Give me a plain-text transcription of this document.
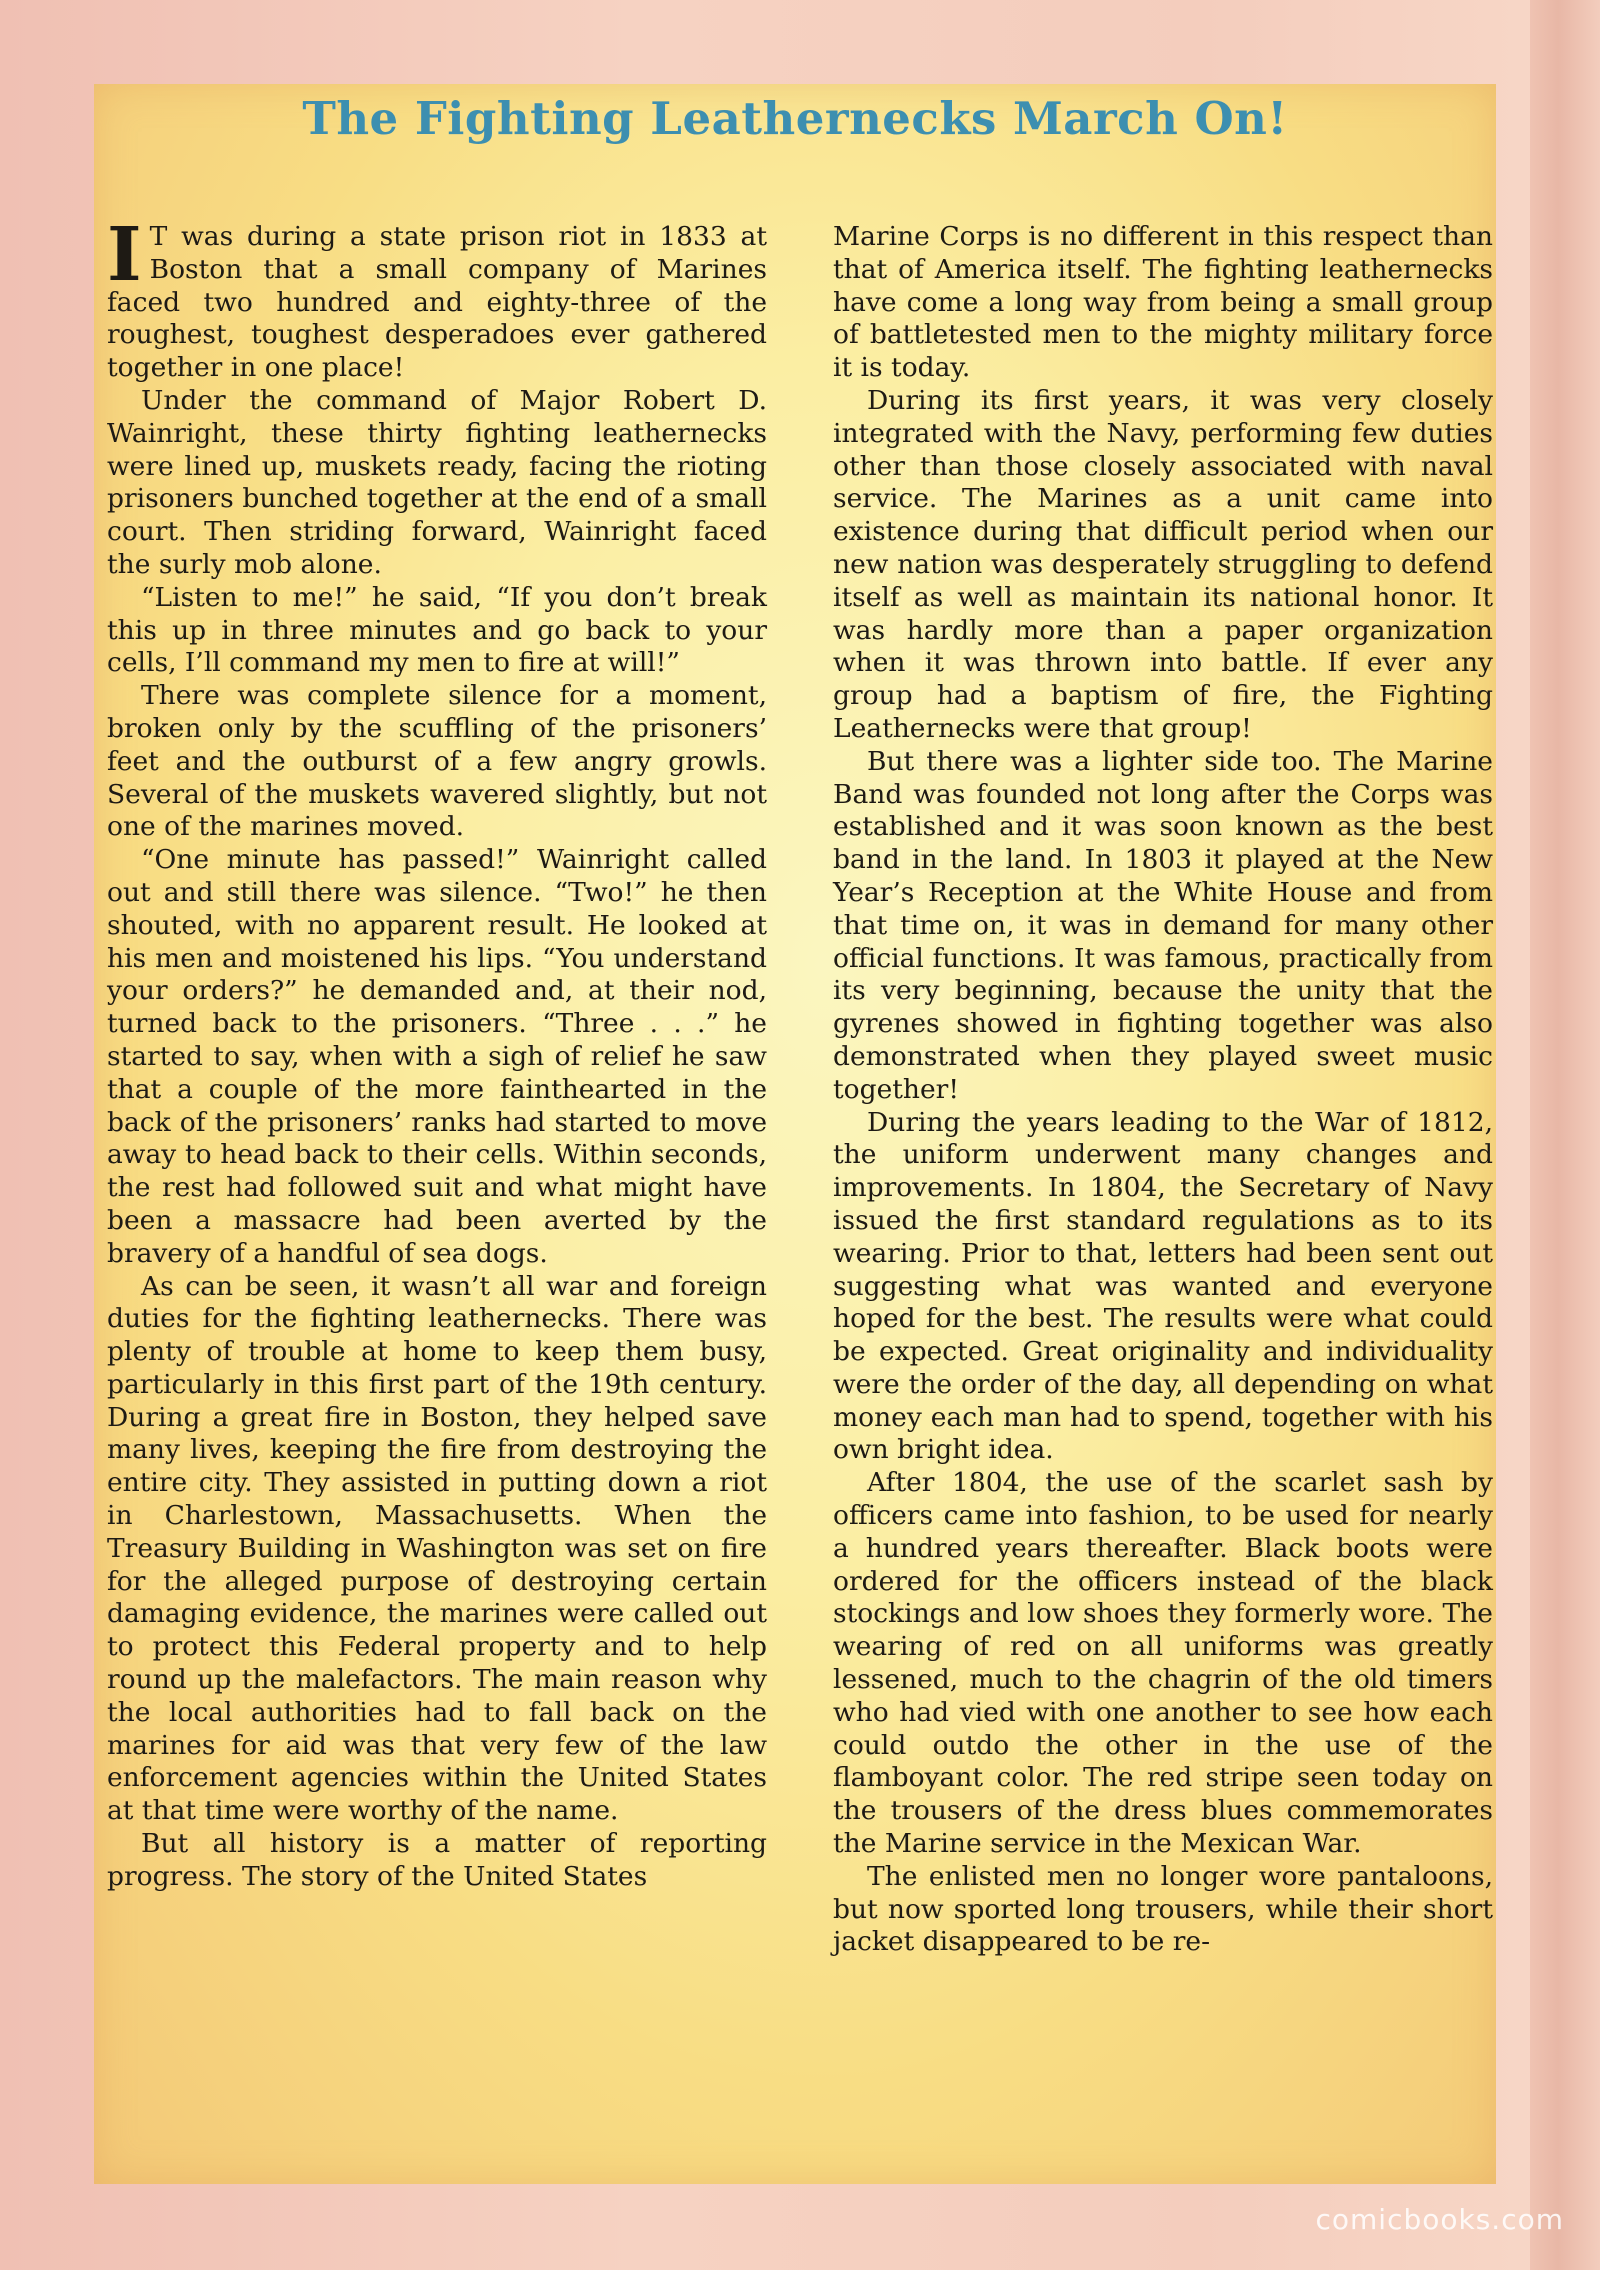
The Fighting Leathernecks March On!

I T was during a state prison riot in 1833 at Boston that a small company of Marines faced two hundred and eighty-three of the roughest, toughest desperadoes ever gathered together in one place!

Under the command of Major Robert D. Wainright, these thirty fighting leathernecks were lined up, muskets ready, facing the rioting prisoners bunched together at the end of a small court. Then striding forward, Wainright faced the surly mob alone.

“Listen to me!” he said, “If you don’t break this up in three minutes and go back to your cells, I’ll command my men to fire at will!”

There was complete silence for a moment, broken only by the scuffling of the prisoners’ feet and the outburst of a few angry growls. Several of the muskets wavered slightly, but not one of the marines moved.

“One minute has passed!” Wainright called out and still there was silence. “Two!” he then shouted, with no apparent result. He looked at his men and moistened his lips. “You understand your orders?” he demanded and, at their nod, turned back to the prisoners. “Three . . .” he started to say, when with a sigh of relief he saw that a couple of the more fainthearted in the back of the prisoners’ ranks had started to move away to head back to their cells. Within seconds, the rest had followed suit and what might have been a massacre had been averted by the bravery of a handful of sea dogs.

As can be seen, it wasn’t all war and foreign duties for the fighting leathernecks. There was plenty of trouble at home to keep them busy, particularly in this first part of the 19th century. During a great fire in Boston, they helped save many lives, keeping the fire from destroying the entire city. They assisted in putting down a riot in Charlestown, Massachusetts. When the Treasury Building in Washington was set on fire for the alleged purpose of destroying certain damaging evidence, the marines were called out to protect this Federal property and to help round up the malefactors. The main reason why the local authorities had to fall back on the marines for aid was that very few of the law enforcement agencies within the United States at that time were worthy of the name.

But all history is a matter of reporting progress. The story of the United States

Marine Corps is no different in this respect than that of America itself. The fighting leathernecks have come a long way from being a small group of battletested men to the mighty military force it is today.

During its first years, it was very closely integrated with the Navy, performing few duties other than those closely associated with naval service. The Marines as a unit came into existence during that difficult period when our new nation was desperately struggling to defend itself as well as maintain its national honor. It was hardly more than a paper organization when it was thrown into battle. If ever any group had a baptism of fire, the Fighting Leathernecks were that group!

But there was a lighter side too. The Marine Band was founded not long after the Corps was established and it was soon known as the best band in the land. In 1803 it played at the New Year’s Reception at the White House and from that time on, it was in demand for many other official functions. It was famous, practically from its very beginning, because the unity that the gyrenes showed in fighting together was also demonstrated when they played sweet music together!

During the years leading to the War of 1812, the uniform underwent many changes and improvements. In 1804, the Secretary of Navy issued the first standard regulations as to its wearing. Prior to that, letters had been sent out suggesting what was wanted and everyone hoped for the best. The results were what could be expected. Great originality and individuality were the order of the day, all depending on what money each man had to spend, together with his own bright idea.

After 1804, the use of the scarlet sash by officers came into fashion, to be used for nearly a hundred years thereafter. Black boots were ordered for the officers instead of the black stockings and low shoes they formerly wore. The wearing of red on all uniforms was greatly lessened, much to the chagrin of the old timers who had vied with one another to see how each could outdo the other in the use of the flamboyant color. The red stripe seen today on the trousers of the dress blues commemorates the Marine service in the Mexican War.

The enlisted men no longer wore pantaloons, but now sported long trousers, while their short jacket disappeared to be re-

comicbooks.com
